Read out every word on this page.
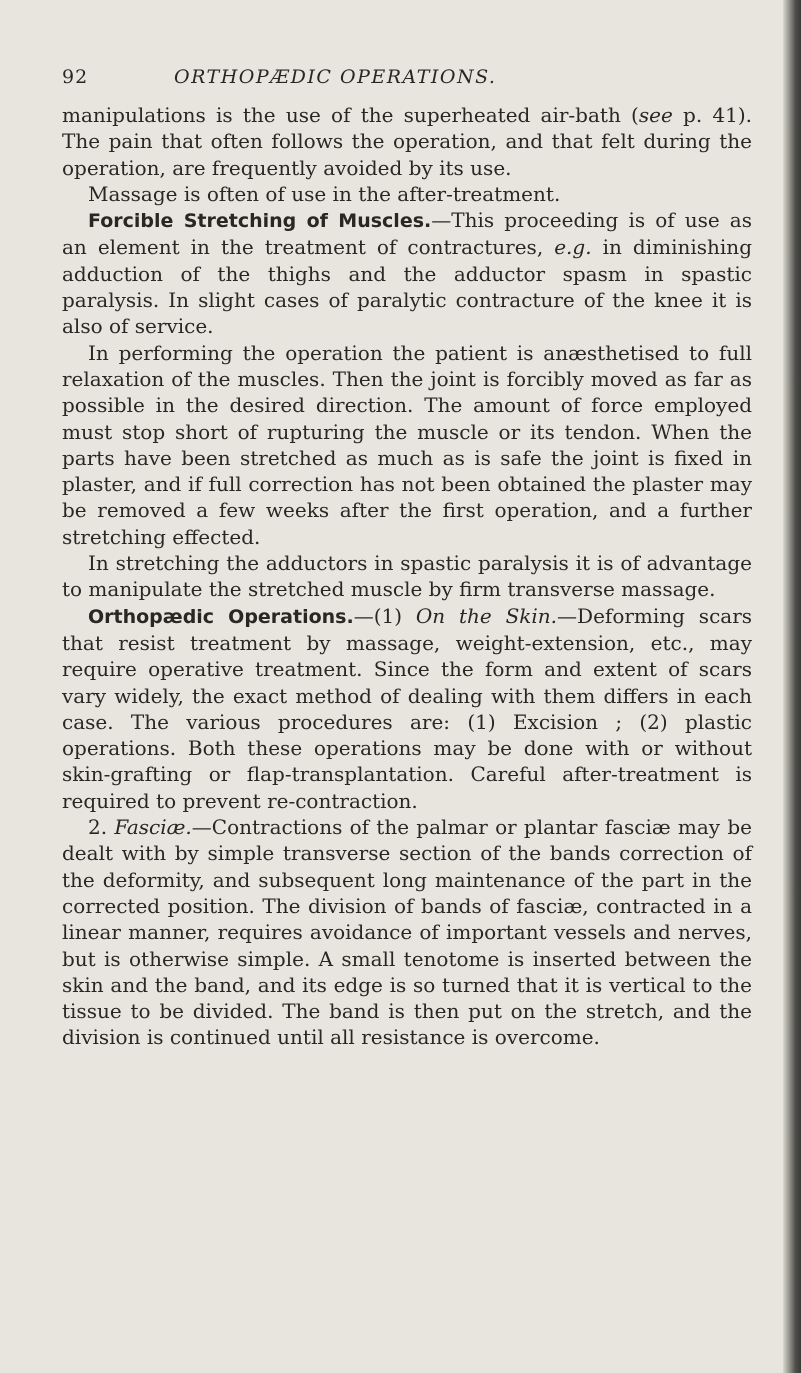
92	ORTHOPÆDIC OPERATIONS.

manipulations is the use of the superheated air-bath (see p. 41). The pain that often follows the operation, and that felt during the operation, are frequently avoided by its use.

Massage is often of use in the after-treatment.

Forcible Stretching of Muscles.—This proceeding is of use as an element in the treatment of contractures, e.g. in diminishing adduction of the thighs and the adductor spasm in spastic paralysis. In slight cases of paralytic contracture of the knee it is also of service.

In performing the operation the patient is anæsthetised to full relaxation of the muscles. Then the joint is forcibly moved as far as possible in the desired direction. The amount of force employed must stop short of rupturing the muscle or its tendon. When the parts have been stretched as much as is safe the joint is fixed in plaster, and if full correction has not been obtained the plaster may be removed a few weeks after the first operation, and a further stretching effected.

In stretching the adductors in spastic paralysis it is of advantage to manipulate the stretched muscle by firm transverse massage.

Orthopædic Operations.—(1) On the Skin.—Deforming scars that resist treatment by massage, weight-extension, etc., may require operative treatment. Since the form and extent of scars vary widely, the exact method of dealing with them differs in each case. The various procedures are: (1) Excision ; (2) plastic operations. Both these operations may be done with or without skin-grafting or flap-transplantation. Careful after-treatment is required to prevent re-contraction.

2. Fasciæ.—Contractions of the palmar or plantar fasciæ may be dealt with by simple transverse section of the bands correction of the deformity, and subsequent long maintenance of the part in the corrected position. The division of bands of fasciæ, contracted in a linear manner, requires avoidance of important vessels and nerves, but is otherwise simple. A small tenotome is inserted between the skin and the band, and its edge is so turned that it is vertical to the tissue to be divided. The band is then put on the stretch, and the division is continued until all resistance is overcome.
